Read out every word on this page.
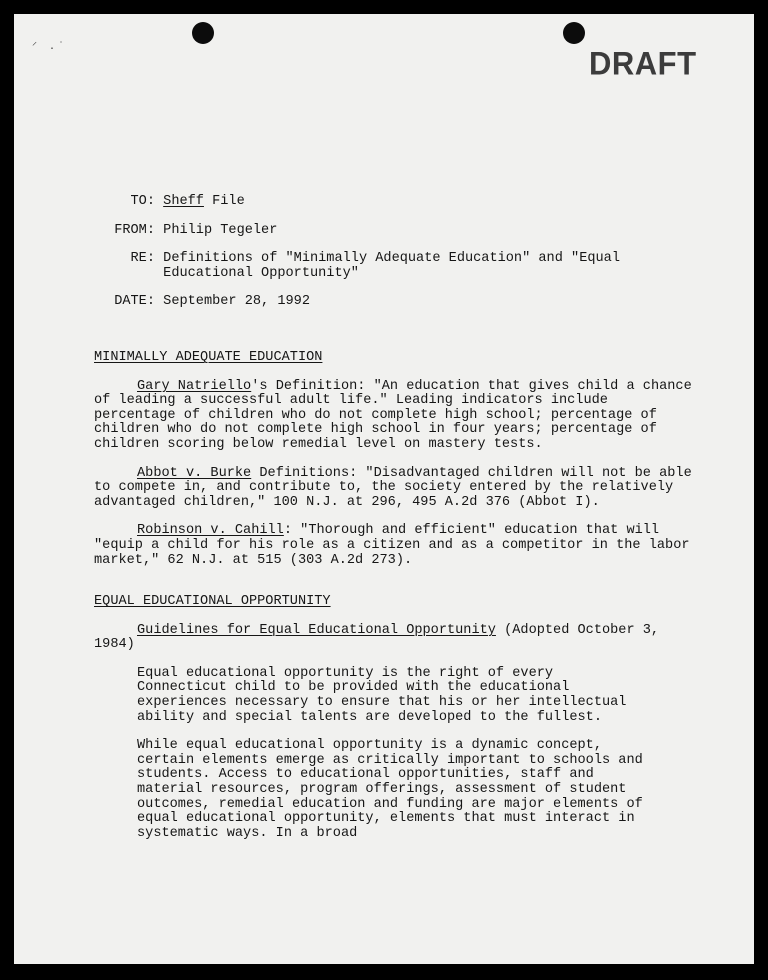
⸍ .˙	DRAFT
TO: Sheff File
FROM: Philip Tegeler
RE: Definitions of "Minimally Adequate Education" and "Equal Educational Opportunity"
DATE: September 28, 1992
MINIMALLY ADEQUATE EDUCATION

Gary Natriello's Definition: "An education that gives child a chance of leading a successful adult life." Leading indicators include percentage of children who do not complete high school; percentage of children who do not complete high school in four years; percentage of children scoring below remedial level on mastery tests.

Abbot v. Burke Definitions: "Disadvantaged children will not be able to compete in, and contribute to, the society entered by the relatively advantaged children," 100 N.J. at 296, 495 A.2d 376 (Abbot I).

Robinson v. Cahill: "Thorough and efficient" education that will "equip a child for his role as a citizen and as a competitor in the labor market," 62 N.J. at 515 (303 A.2d 273).

EQUAL EDUCATIONAL OPPORTUNITY

Guidelines for Equal Educational Opportunity (Adopted October 3, 1984)

Equal educational opportunity is the right of every Connecticut child to be provided with the educational experiences necessary to ensure that his or her intellectual ability and special talents are developed to the fullest.

While equal educational opportunity is a dynamic concept, certain elements emerge as critically important to schools and students. Access to educational opportunities, staff and material resources, program offerings, assessment of student outcomes, remedial education and funding are major elements of equal educational opportunity, elements that must interact in systematic ways. In a broad
